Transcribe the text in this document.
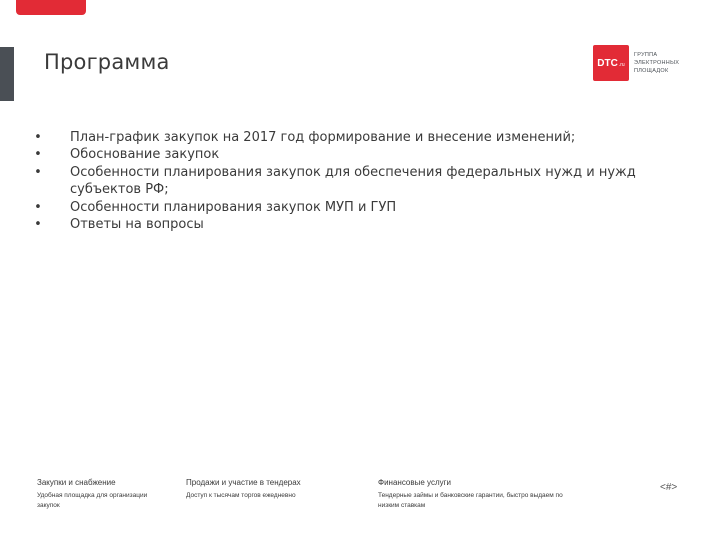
Программа	DTC .ru
ГРУППА
ЭЛЕКТРОННЫХ
ПЛОЩАДОК
• План-график закупок на 2017 год формирование и внесение изменений;
• Обоснование закупок
• Особенности планирования закупок для обеспечения федеральных нужд и нужд субъектов РФ;
• Особенности планирования закупок МУП и ГУП
• Ответы на вопросы
Закупки и снабжение
Удобная площадка для организации закупок
Продажи и участие в тендерах
Доступ к тысячам торгов ежедневно
Финансовые услуги
Тендерные займы и банковские гарантии, быстро выдаем по низким ставкам
<#>
